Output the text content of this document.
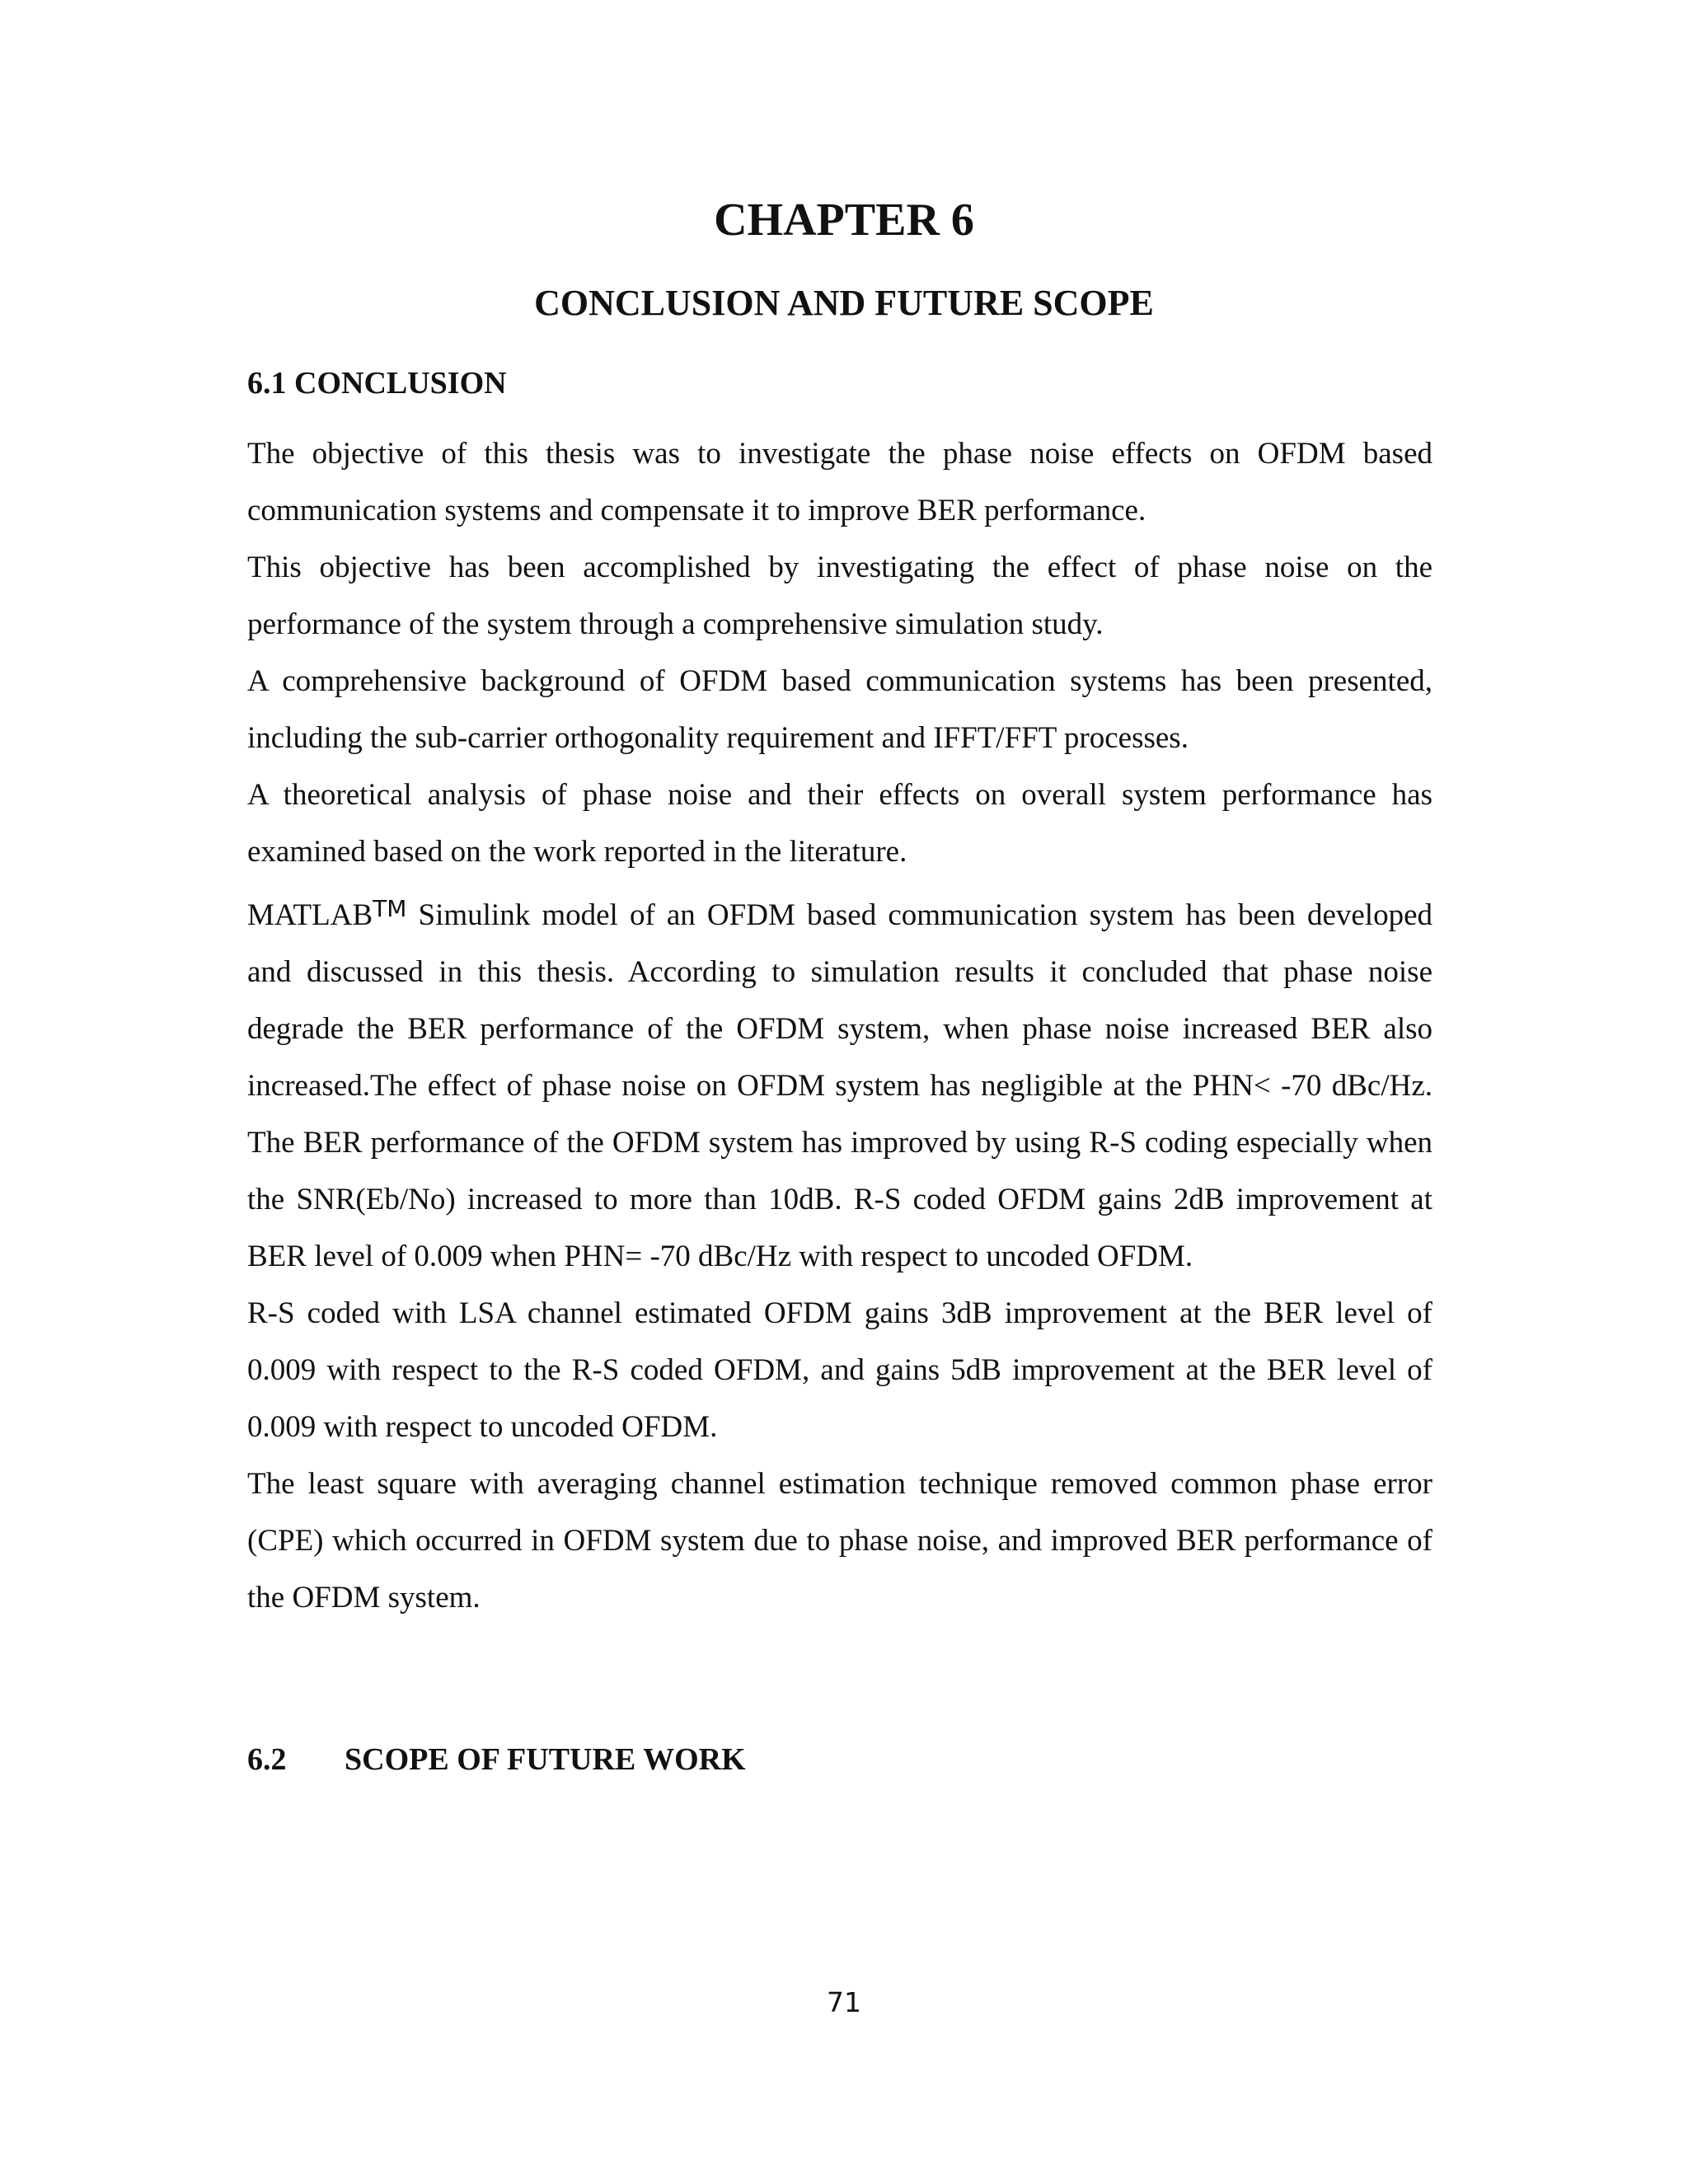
CHAPTER 6
CONCLUSION AND FUTURE SCOPE
6.1 CONCLUSION

The objective of this thesis was to investigate the phase noise effects on OFDM based communication systems and compensate it to improve BER performance.

This objective has been accomplished by investigating the effect of phase noise on the performance of the system through a comprehensive simulation study.

A comprehensive background of OFDM based communication systems has been presented, including the sub-carrier orthogonality requirement and IFFT/FFT processes.

A theoretical analysis of phase noise and their effects on overall system performance has examined based on the work reported in the literature.

MATLAB™ Simulink model of an OFDM based communication system has been developed and discussed in this thesis. According to simulation results it concluded that phase noise degrade the BER performance of the OFDM system, when phase noise increased BER also increased.The effect of phase noise on OFDM system has negligible at the PHN< -70 dBc/Hz. The BER performance of the OFDM system has improved by using R-S coding especially when the SNR(Eb/No) increased to more than 10dB. R-S coded OFDM gains 2dB improvement at BER level of 0.009 when PHN= -70 dBc/Hz with respect to uncoded OFDM.

R-S coded with LSA channel estimated OFDM gains 3dB improvement at the BER level of 0.009 with respect to the R-S coded OFDM, and gains 5dB improvement at the BER level of 0.009 with respect to uncoded OFDM.

The least square with averaging channel estimation technique removed common phase error (CPE) which occurred in OFDM system due to phase noise, and improved BER performance of the OFDM system.

6.2 SCOPE OF FUTURE WORK
71
